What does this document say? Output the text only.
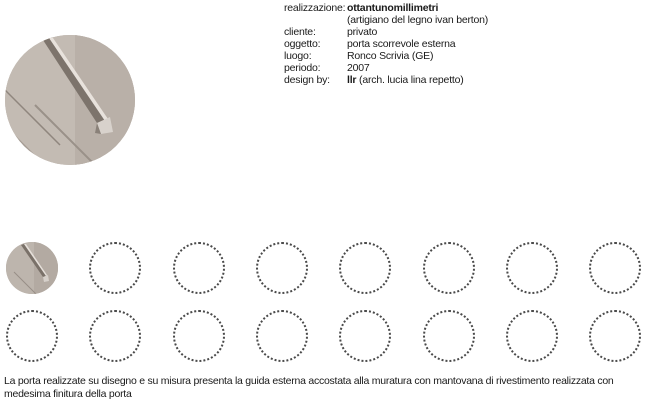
realizzazione: ottantunomillimetri
(artigiano del legno ivan berton)
cliente:	privato
oggetto:	porta scorrevole esterna
luogo:	Ronco Scrivia (GE)
periodo:	2007
design by:	llr (arch. lucia lina repetto)
La porta realizzate su disegno e su misura presenta la guida esterna accostata alla muratura con mantovana di rivestimento realizzata con medesima finitura della porta
